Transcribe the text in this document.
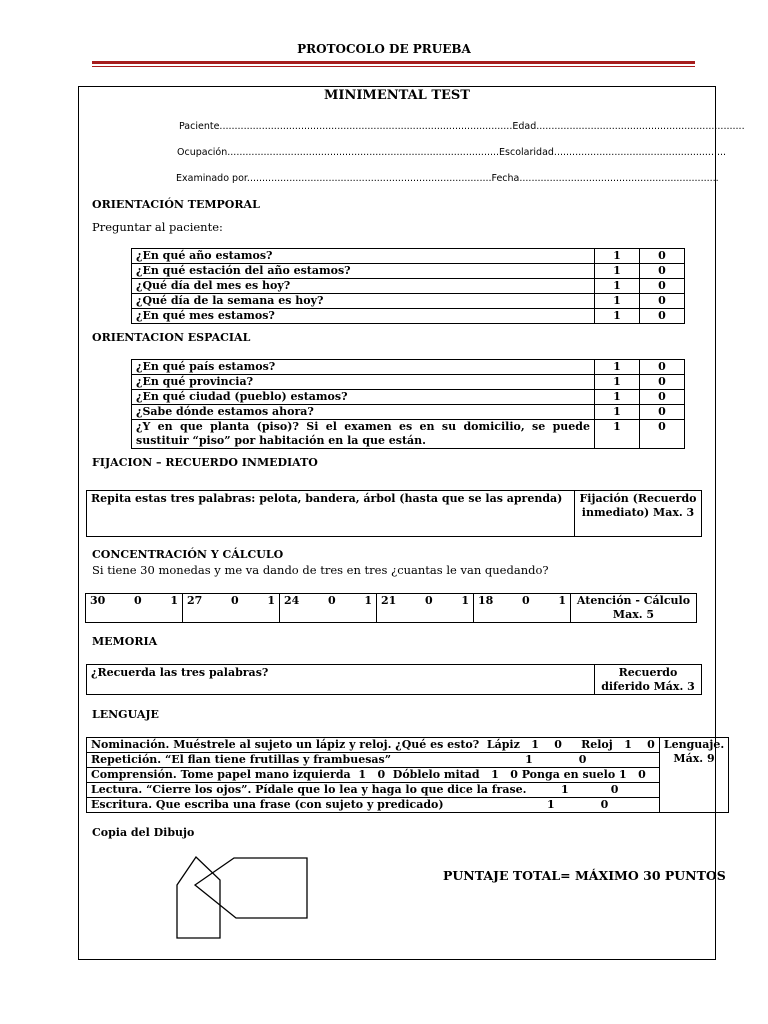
PROTOCOLO DE PRUEBA
MINIMENTAL TEST
Paciente.................................................................................................Edad.....................................................................
Ocupación..........................................................................................Escolaridad.........................................................
Examinado por.................................................................................Fecha..................................................................
ORIENTACIÓN TEMPORAL
Preguntar al paciente:
¿En qué año estamos?	1	0
¿En qué estación del año estamos?	1	0
¿Qué día del mes es hoy?	1	0
¿Qué día de la semana es hoy?	1	0
¿En qué mes estamos?	1	0
ORIENTACION ESPACIAL
¿En qué país estamos?	1	0
¿En qué provincia?	1	0
¿En qué ciudad (pueblo) estamos?	1	0
¿Sabe dónde estamos ahora?	1	0
¿Y en que planta (piso)? Si el examen es en su domicilio, se puede sustituir “piso” por habitación en la que están.	1	0
FIJACION – RECUERDO INMEDIATO
Repita estas tres palabras: pelota, bandera, árbol (hasta que se las aprenda)	Fijación (Recuerdo inmediato) Max. 3
CONCENTRACIÓN Y CÁLCULO
Si tiene 30 monedas y me va dando de tres en tres ¿cuantas le van quedando?
30	0	1	27	0	1	24	0	1	21	0	1	18	0	1	Atención - Cálculo Max. 5
MEMORIA
¿Recuerda las tres palabras?	Recuerdo diferido Máx. 3
LENGUAJE
Nominación. Muéstrele al sujeto un lápiz y reloj. ¿Qué es esto?  Lápiz   1    0     Reloj   1    0	Lenguaje. Máx. 9
Repetición. “El flan tiene frutillas y frambuesas”                                   1            0
Comprensión. Tome papel mano izquierda  1   0  Dóblelo mitad   1   0 Ponga en suelo 1   0
Lectura. “Cierre los ojos”. Pídale que lo lea y haga lo que dice la frase.         1           0
Escritura. Que escriba una frase (con sujeto y predicado)                           1            0
Copia del Dibujo
PUNTAJE TOTAL= MÁXIMO 30 PUNTOS
